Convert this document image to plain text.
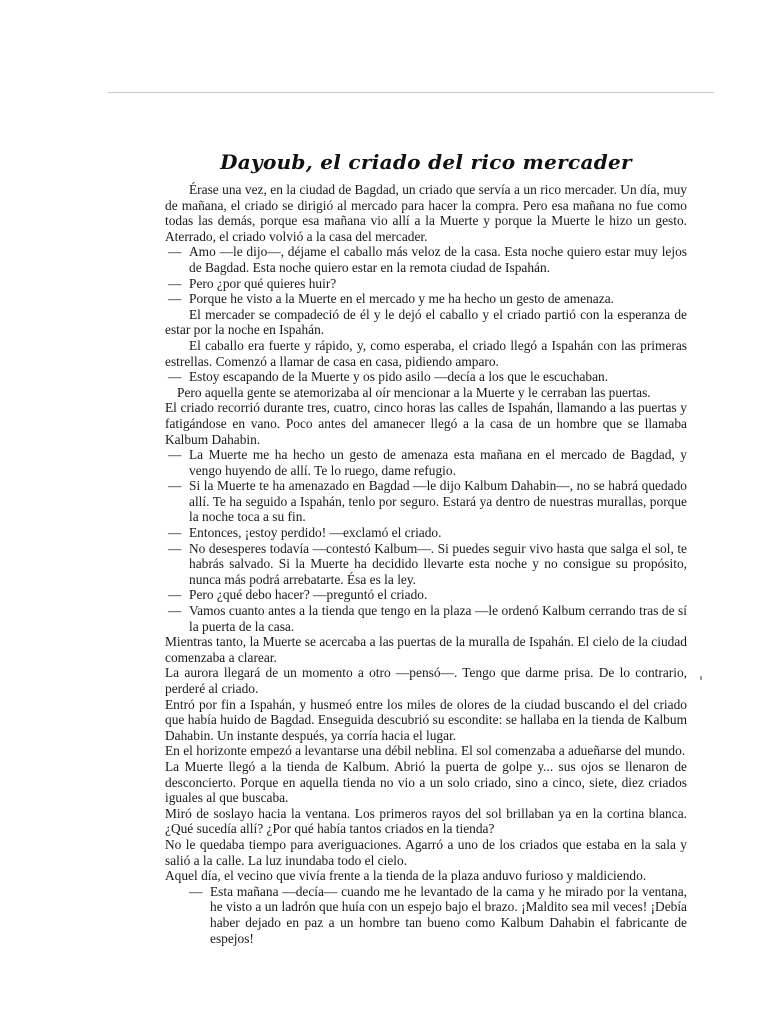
Dayoub, el criado del rico mercader
Érase una vez, en la ciudad de Bagdad, un criado que servía a un rico mercader. Un día, muy de mañana, el criado se dirigió al mercado para hacer la compra. Pero esa mañana no fue como todas las demás, porque esa mañana vio allí a la Muerte y porque la Muerte le hizo un gesto. Aterrado, el criado volvió a la casa del mercader.
— Amo —le dijo—, déjame el caballo más veloz de la casa. Esta noche quiero estar muy lejos de Bagdad. Esta noche quiero estar en la remota ciudad de Ispahán.
— Pero ¿por qué quieres huir?
— Porque he visto a la Muerte en el mercado y me ha hecho un gesto de amenaza.
El mercader se compadeció de él y le dejó el caballo y el criado partió con la esperanza de estar por la noche en Ispahán.
El caballo era fuerte y rápido, y, como esperaba, el criado llegó a Ispahán con las primeras estrellas. Comenzó a llamar de casa en casa, pidiendo amparo.
— Estoy escapando de la Muerte y os pido asilo —decía a los que le escuchaban.
Pero aquella gente se atemorizaba al oír mencionar a la Muerte y le cerraban las puertas.
El criado recorrió durante tres, cuatro, cinco horas las calles de Ispahán, llamando a las puertas y fatigándose en vano. Poco antes del amanecer llegó a la casa de un hombre que se llamaba Kalbum Dahabin.
— La Muerte me ha hecho un gesto de amenaza esta mañana en el mercado de Bagdad, y vengo huyendo de allí. Te lo ruego, dame refugio.
— Si la Muerte te ha amenazado en Bagdad —le dijo Kalbum Dahabin—, no se habrá quedado allí. Te ha seguido a Ispahán, tenlo por seguro. Estará ya dentro de nuestras murallas, porque la noche toca a su fin.
— Entonces, ¡estoy perdido! —exclamó el criado.
— No desesperes todavía —contestó Kalbum—. Si puedes seguir vivo hasta que salga el sol, te habrás salvado. Si la Muerte ha decidido llevarte esta noche y no consigue su propósito, nunca más podrá arrebatarte. Ésa es la ley.
— Pero ¿qué debo hacer? —preguntó el criado.
— Vamos cuanto antes a la tienda que tengo en la plaza —le ordenó Kalbum cerrando tras de sí la puerta de la casa.
Mientras tanto, la Muerte se acercaba a las puertas de la muralla de Ispahán. El cielo de la ciudad comenzaba a clarear.
La aurora llegará de un momento a otro —pensó—. Tengo que darme prisa. De lo contrario, perderé al criado.
Entró por fin a Ispahán, y husmeó entre los miles de olores de la ciudad buscando el del criado que había huido de Bagdad. Enseguida descubrió su escondite: se hallaba en la tienda de Kalbum Dahabin. Un instante después, ya corría hacia el lugar.
En el horizonte empezó a levantarse una débil neblina. El sol comenzaba a adueñarse del mundo.
La Muerte llegó a la tienda de Kalbum. Abrió la puerta de golpe y... sus ojos se llenaron de desconcierto. Porque en aquella tienda no vio a un solo criado, sino a cinco, siete, diez criados iguales al que buscaba.
Miró de soslayo hacia la ventana. Los primeros rayos del sol brillaban ya en la cortina blanca. ¿Qué sucedía allí? ¿Por qué había tantos criados en la tienda?
No le quedaba tiempo para averiguaciones. Agarró a uno de los criados que estaba en la sala y salió a la calle. La luz inundaba todo el cielo.
Aquel día, el vecino que vivía frente a la tienda de la plaza anduvo furioso y maldiciendo.
— Esta mañana —decía— cuando me he levantado de la cama y he mirado por la ventana, he visto a un ladrón que huía con un espejo bajo el brazo. ¡Maldito sea mil veces! ¡Debía haber dejado en paz a un hombre tan bueno como Kalbum Dahabin el fabricante de espejos!
